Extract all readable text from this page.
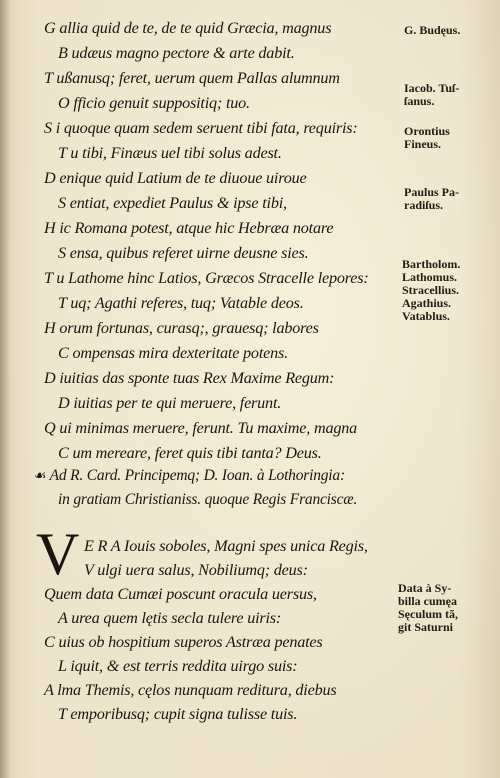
G allia quid de te, de te quid Græcia, magnus
B udæus magno pectore & arte dabit.
T ußanusq; feret, uerum quem Pallas alumnum
O fficio genuit suppositiq; tuo.
S i quoque quam sedem seruent tibi fata, requiris:
T u tibi, Finæus uel tibi solus adest.
D enique quid Latium de te diuoue uiroue
S entiat, expediet Paulus & ipse tibi,
H ic Romana potest, atque hic Hebræa notare
S ensa, quibus referet uirne deusne sies.
T u Lathome hinc Latios, Græcos Stracelle lepores:
T uq; Agathi referes, tuq; Vatable deos.
H orum fortunas, curasq;, grauesq; labores
C ompensas mira dexteritate potens.
D iuitias das sponte tuas Rex Maxime Regum:
D iuitias per te qui meruere, ferunt.
Q ui minimas meruere, ferunt. Tu maxime, magna
C um mereare, feret quis tibi tanta? Deus.
G. Budęus.
Iacob. Tuſ-
ſanus.
Orontius
Fineus.
Paulus Pa-
radiſus.
Bartholom.
Lathomus.
Stracellius.
Agathius.
Vatablus.
☙ Ad R. Card. Principemq; D. Ioan. à Lothoringia:
in gratiam Christianiss. quoque Regis Franciscæ.
V E R A Iouis soboles, Magni spes unica Regis,
V ulgi uera salus, Nobiliumq; deus:
Quem data Cumæi poscunt oracula uersus,
A urea quem lętis secla tulere uiris:
C uius ob hospitium superos Astræa penates
L iquit, & est terris reddita uirgo suis:
A lma Themis, cęlos nunquam reditura, diebus
T emporibusq; cupit signa tulisse tuis.
Data à Sy-
billa cumęa
Sęculum tã,
git Saturni
